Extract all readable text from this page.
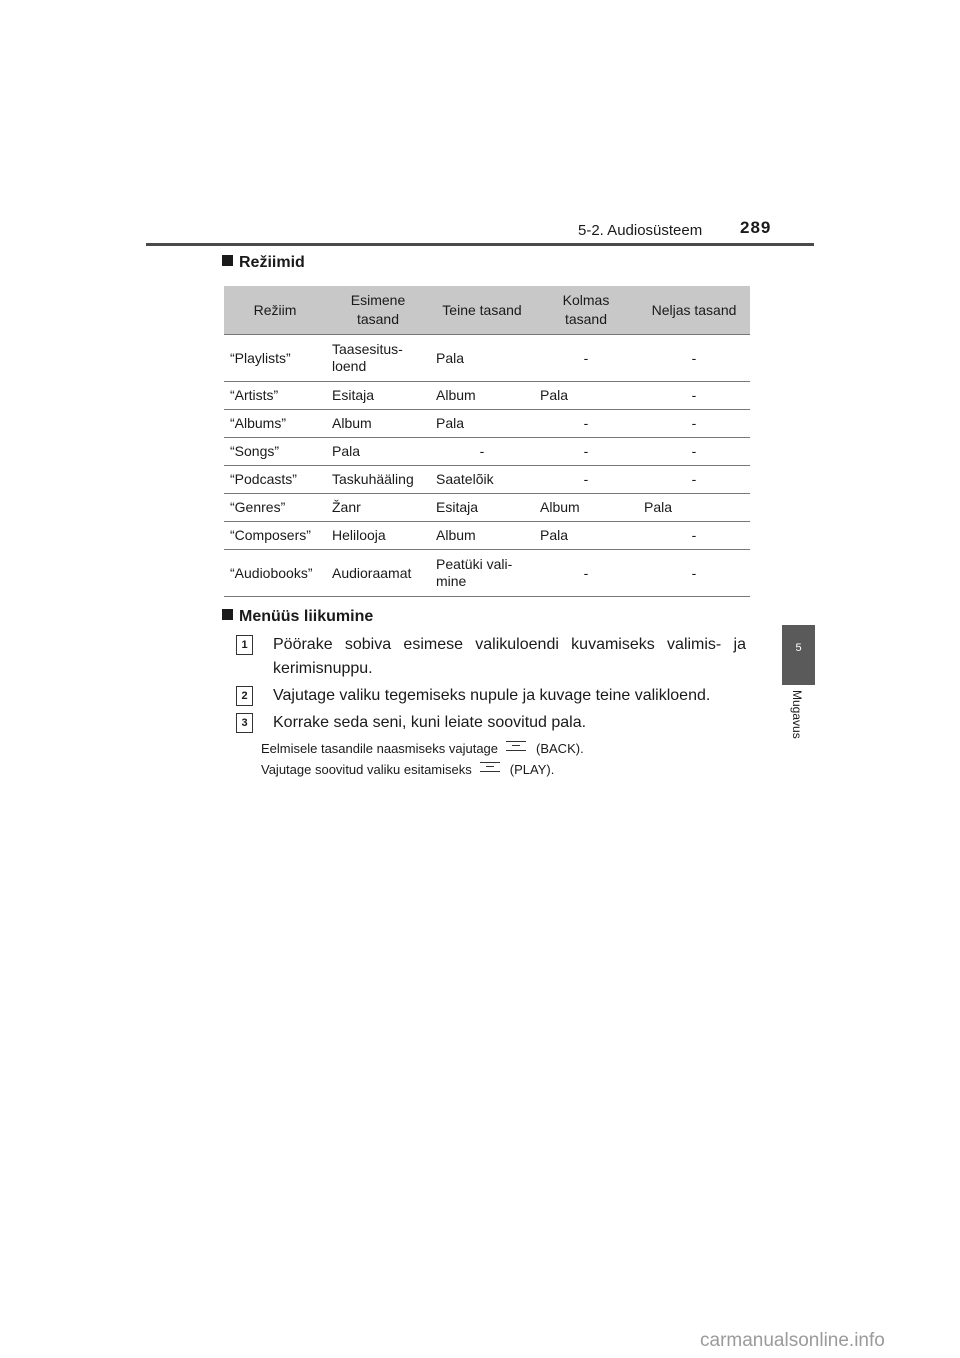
5-2. Audiosüsteem 289
5
Mugavus
Režiimid
Režiim	Esimene tasand	Teine tasand	Kolmas tasand	Neljas tasand
“Playlists”	Taasesitus-loend	Pala	-	-
“Artists”	Esitaja	Album	Pala	-
“Albums”	Album	Pala	-	-
“Songs”	Pala	-	-	-
“Podcasts”	Taskuhääling	Saatelõik	-	-
“Genres”	Žanr	Esitaja	Album	Pala
“Composers”	Helilooja	Album	Pala	-
“Audiobooks”	Audioraamat	Peatüki vali-mine	-	-
Menüüs liikumine
1	Pöörake sobiva esimese valikuloendi kuvamiseks valimis- ja kerimisnuppu.
2	Vajutage valiku tegemiseks nupule ja kuvage teine valikloend.
3	Korrake seda seni, kuni leiate soovitud pala.
Eelmisele tasandile naasmiseks vajutage	(BACK).
Vajutage soovitud valiku esitamiseks	(PLAY).
carmanualsonline.info
